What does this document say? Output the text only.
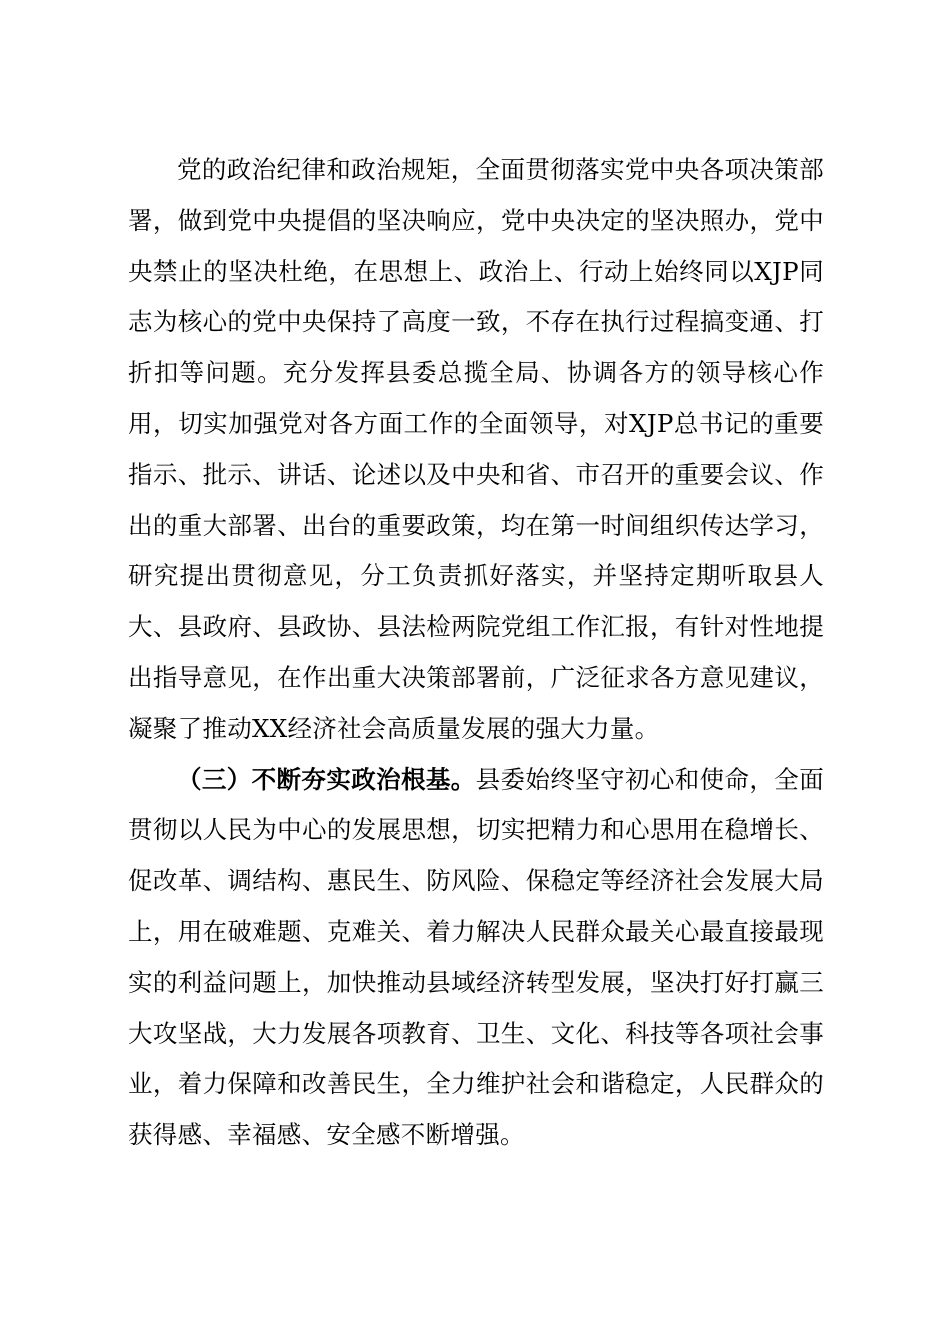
党的政治纪律和政治规矩，全面贯彻落实党中央各项决策部署，做到党中央提倡的坚决响应，党中央决定的坚决照办，党中央禁止的坚决杜绝，在思想上、政治上、行动上始终同以XJP同志为核心的党中央保持了高度一致，不存在执行过程搞变通、打折扣等问题。充分发挥县委总揽全局、协调各方的领导核心作用，切实加强党对各方面工作的全面领导，对XJP总书记的重要指示、批示、讲话、论述以及中央和省、市召开的重要会议、作出的重大部署、出台的重要政策，均在第一时间组织传达学习，研究提出贯彻意见，分工负责抓好落实，并坚持定期听取县人大、县政府、县政协、县法检两院党组工作汇报，有针对性地提出指导意见，在作出重大决策部署前，广泛征求各方意见建议，凝聚了推动XX经济社会高质量发展的强大力量。

（三）不断夯实政治根基。县委始终坚守初心和使命，全面贯彻以人民为中心的发展思想，切实把精力和心思用在稳增长、促改革、调结构、惠民生、防风险、保稳定等经济社会发展大局上，用在破难题、克难关、着力解决人民群众最关心最直接最现实的利益问题上，加快推动县域经济转型发展，坚决打好打赢三大攻坚战，大力发展各项教育、卫生、文化、科技等各项社会事业，着力保障和改善民生，全力维护社会和谐稳定，人民群众的获得感、幸福感、安全感不断增强。
